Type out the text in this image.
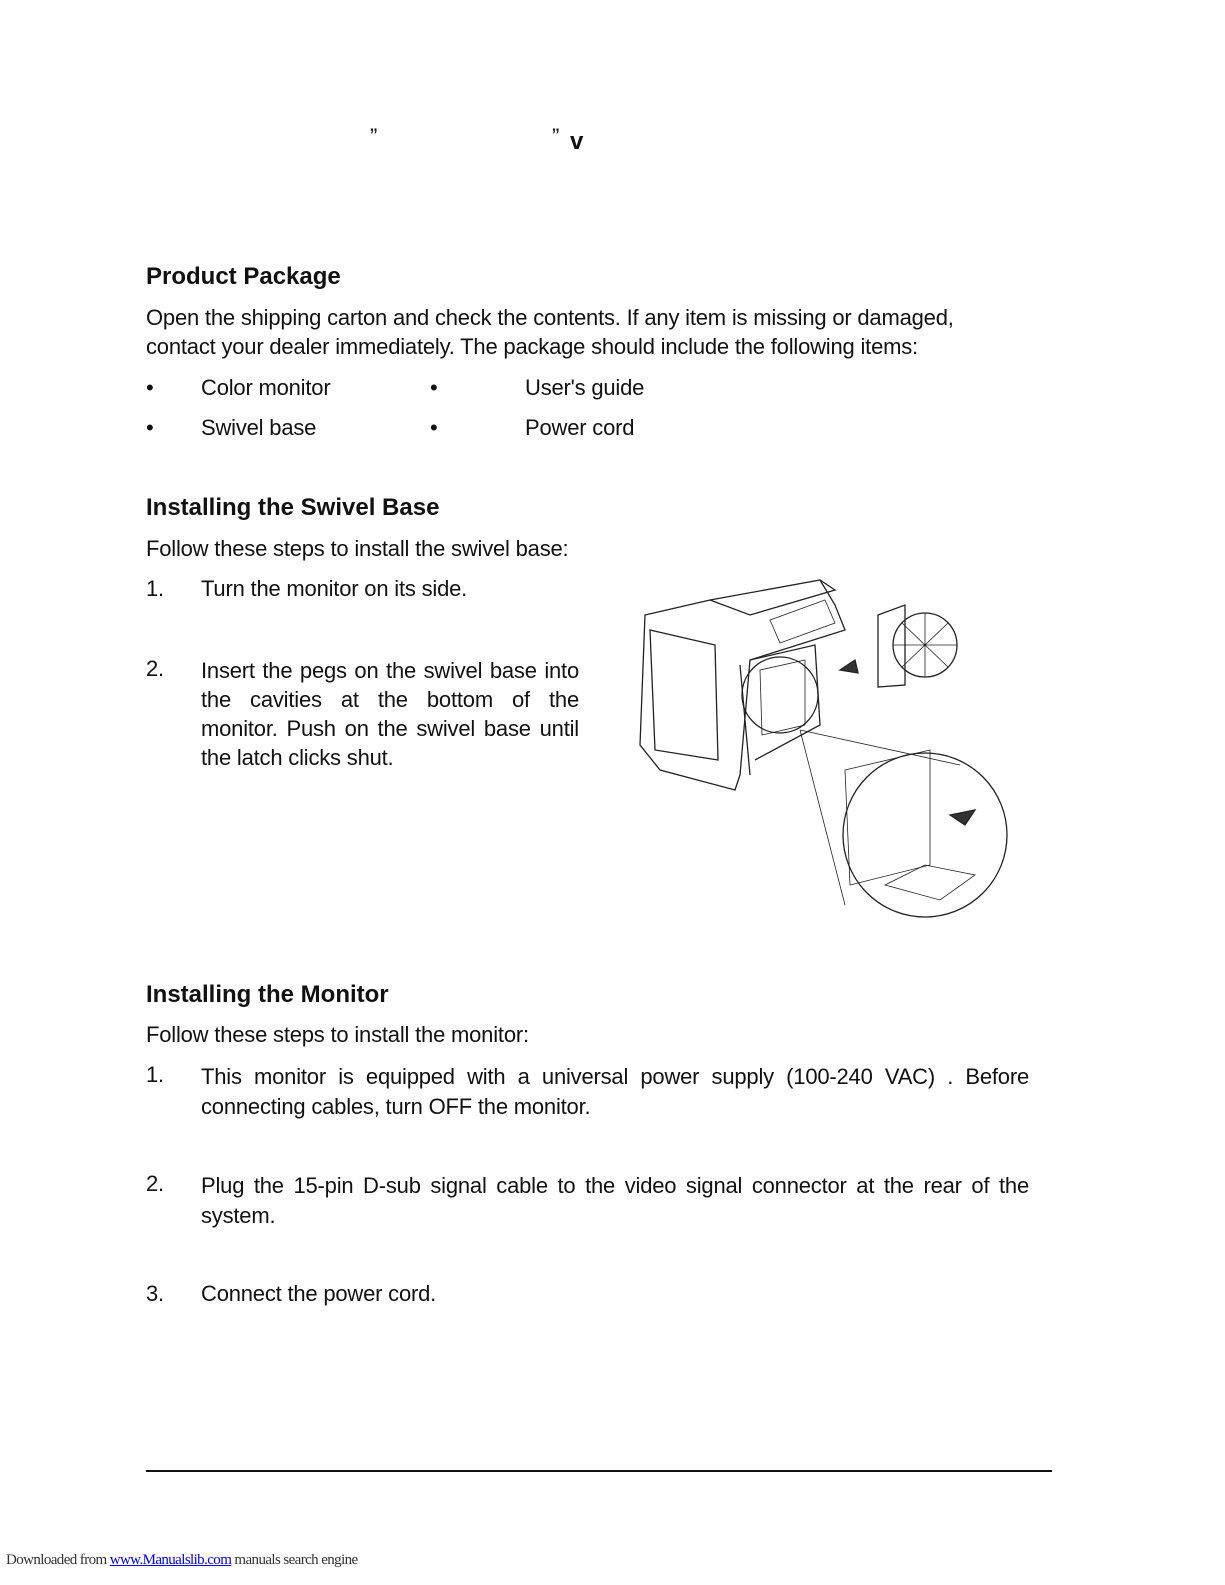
”	” v
Product Package
Open the shipping carton and check the contents. If any item is missing or damaged,
contact your dealer immediately. The package should include the following items:
• Color monitor	•	User's guide
• Swivel base	•	Power cord
Installing the Swivel Base
Follow these steps to install the swivel base:
1. Turn the monitor on its side.
2. Insert the pegs on the swivel base into the cavities at the bottom of the monitor. Push on the swivel base until the latch clicks shut.
Installing the Monitor
Follow these steps to install the monitor:
1. This monitor is equipped with a universal power supply (100-240 VAC) . Before connecting cables, turn OFF the monitor.
2. Plug the 15-pin D-sub signal cable to the video signal connector at the rear of the system.
3. Connect the power cord.
Downloaded from www.Manualslib.com manuals search engine
